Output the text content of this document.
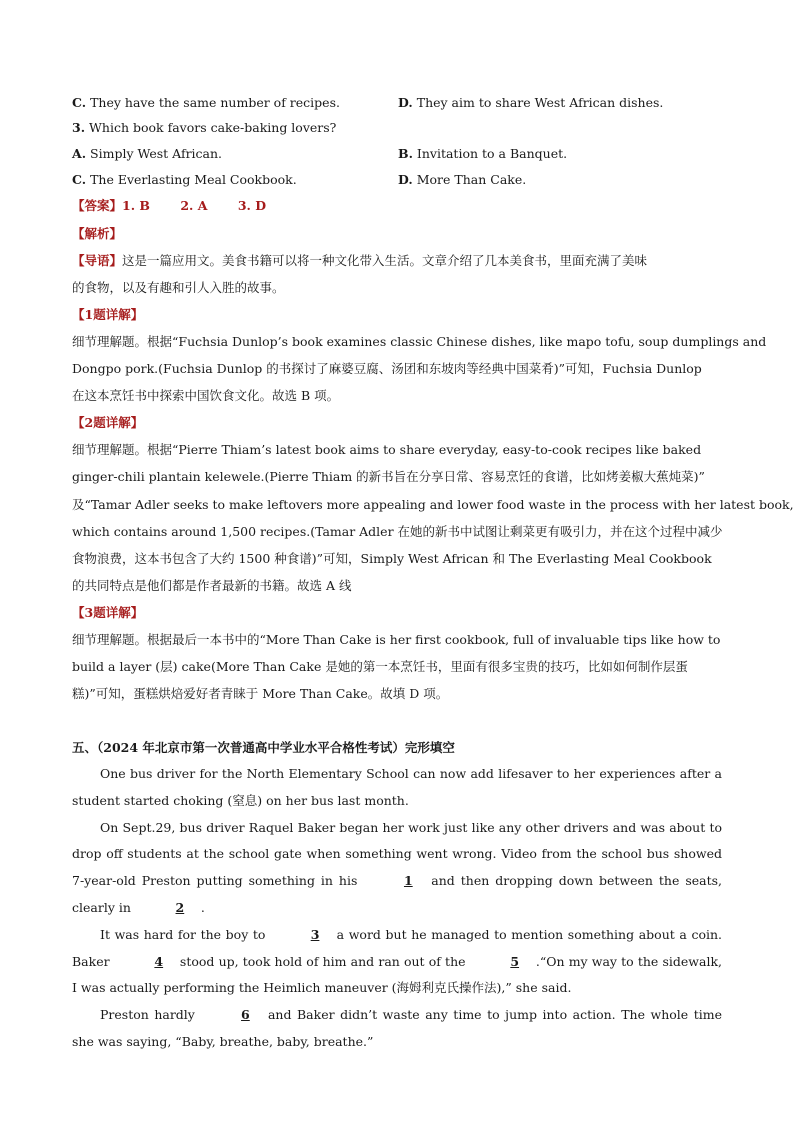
C. They have the same number of recipes.	D. They aim to share West African dishes.
3. Which book favors cake-baking lovers?
A. Simply West African.	B. Invitation to a Banquet.
C. The Everlasting Meal Cookbook.	D. More Than Cake.
【答案】1. B 2. A 3. D
【解析】
【导语】这是一篇应用文。美食书籍可以将一种文化带入生活。文章介绍了几本美食书，里面充满了美味
的食物，以及有趣和引人入胜的故事。
【1题详解】
细节理解题。根据“Fuchsia Dunlop’s book examines classic Chinese dishes, like mapo tofu, soup dumplings and
Dongpo pork.(Fuchsia Dunlop 的书探讨了麻婆豆腐、汤团和东坡肉等经典中国菜肴)”可知，Fuchsia Dunlop
在这本烹饪书中探索中国饮食文化。故选 B 项。
【2题详解】
细节理解题。根据“Pierre Thiam’s latest book aims to share everyday, easy-to-cook recipes like baked
ginger-chili plantain kelewele.(Pierre Thiam 的新书旨在分享日常、容易烹饪的食谱，比如烤姜椒大蕉炖菜)”
及“Tamar Adler seeks to make leftovers more appealing and lower food waste in the process with her latest book,
which contains around 1,500 recipes.(Tamar Adler 在她的新书中试图让剩菜更有吸引力，并在这个过程中减少
食物浪费，这本书包含了大约 1500 种食谱)”可知，Simply West African 和 The Everlasting Meal Cookbook
的共同特点是他们都是作者最新的书籍。故选 A 线
【3题详解】
细节理解题。根据最后一本书中的“More Than Cake is her first cookbook, full of invaluable tips like how to
build a layer (层) cake(More Than Cake 是她的第一本烹饪书，里面有很多宝贵的技巧，比如如何制作层蛋
糕)”可知，蛋糕烘焙爱好者青睐于 More Than Cake。故填 D 项。
五、（2024 年北京市第一次普通高中学业水平合格性考试）完形填空

One bus driver for the North Elementary School can now add lifesaver to her experiences after a student started choking (窒息) on her bus last month.

On Sept.29, bus driver Raquel Baker began her work just like any other drivers and was about to drop off students at the school gate when something went wrong. Video from the school bus showed 7-year-old Preston putting something in his	1 and then dropping down between the seats, clearly in	2 .

It was hard for the boy to	3 a word but he managed to mention something about a coin. Baker	4 stood up, took hold of him and ran out of the	5 .“On my way to the sidewalk, I was actually performing the Heimlich maneuver (海姆利克氏操作法),” she said.

Preston hardly	6 and Baker didn’t waste any time to jump into action. The whole time she was saying, “Baby, breathe, baby, breathe.”
